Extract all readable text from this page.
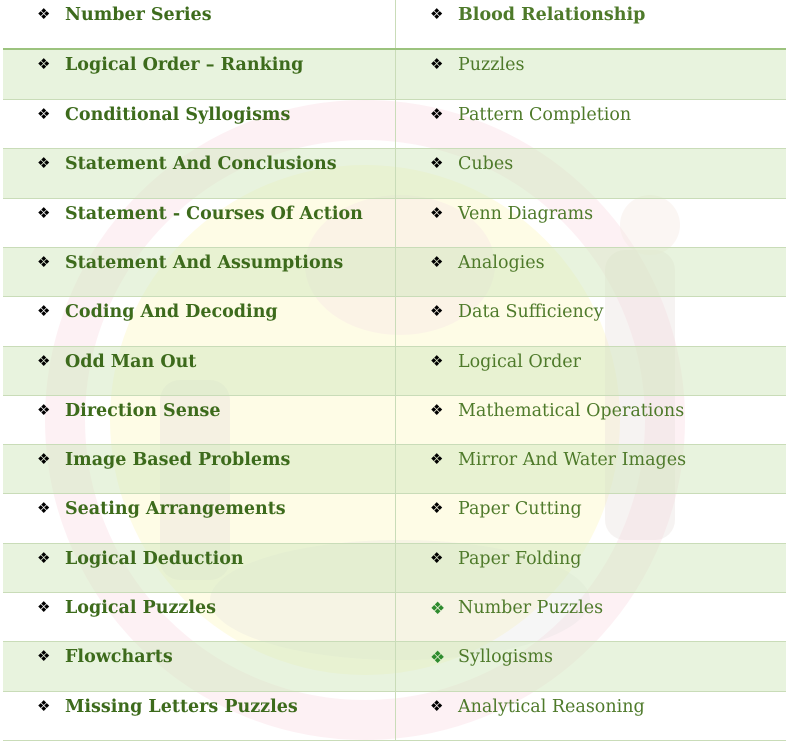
❖ Number Series	❖ Blood Relationship

❖ Logical Order – Ranking	❖ Puzzles

❖ Conditional Syllogisms	❖ Pattern Completion

❖ Statement And Conclusions	❖ Cubes

❖ Statement - Courses Of Action	❖ Venn Diagrams

❖ Statement And Assumptions	❖ Analogies

❖ Coding And Decoding	❖ Data Sufficiency

❖ Odd Man Out	❖ Logical Order

❖ Direction Sense	❖ Mathematical Operations

❖ Image Based Problems	❖ Mirror And Water Images

❖ Seating Arrangements	❖ Paper Cutting

❖ Logical Deduction	❖ Paper Folding

❖ Logical Puzzles	❖ Number Puzzles

❖ Flowcharts	❖ Syllogisms

❖ Missing Letters Puzzles	❖ Analytical Reasoning
